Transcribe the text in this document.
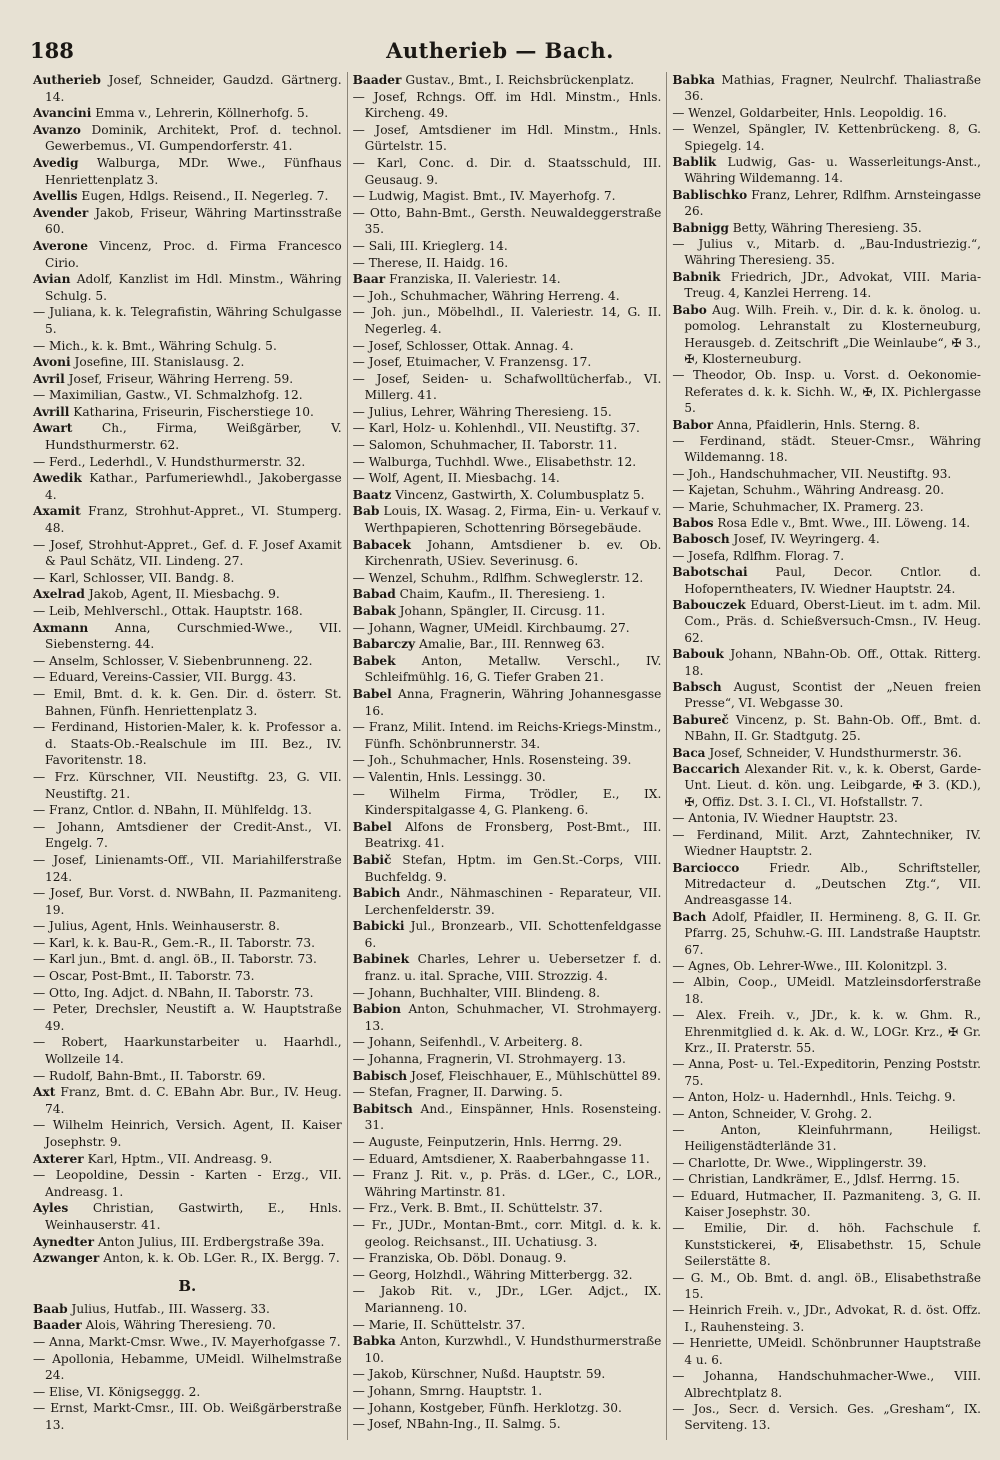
188	Autherieb — Bach.
Autherieb Josef, Schneider, Gaudzd. Gärtnerg. 14.
Avancini Emma v., Lehrerin, Köllnerhofg. 5.
Avanzo Dominik, Architekt, Prof. d. technol. Gewerbemus., VI. Gumpendorferstr. 41.
Avedig Walburga, MDr. Wwe., Fünfhaus Henriettenplatz 3.
Avellis Eugen, Hdlgs. Reisend., II. Negerleg. 7.
Avender Jakob, Friseur, Währing Martinsstraße 60.
Averone Vincenz, Proc. d. Firma Francesco Cirio.
Avian Adolf, Kanzlist im Hdl. Minstm., Währing Schulg. 5.
— Juliana, k. k. Telegrafistin, Währing Schulgasse 5.
— Mich., k. k. Bmt., Währing Schulg. 5.
Avoni Josefine, III. Stanislausg. 2.
Avril Josef, Friseur, Währing Herreng. 59.
— Maximilian, Gastw., VI. Schmalzhofg. 12.
Avrill Katharina, Friseurin, Fischerstiege 10.
Awart Ch., Firma, Weißgärber, V. Hundsthurmerstr. 62.
— Ferd., Lederhdl., V. Hundsthurmerstr. 32.
Awedik Kathar., Parfumeriewhdl., Jakobergasse 4.
Axamit Franz, Strohhut-Appret., VI. Stumperg. 48.
— Josef, Strohhut-Appret., Gef. d. F. Josef Axamit & Paul Schätz, VII. Lindeng. 27.
— Karl, Schlosser, VII. Bandg. 8.
Axelrad Jakob, Agent, II. Miesbachg. 9.
— Leib, Mehlverschl., Ottak. Hauptstr. 168.
Axmann Anna, Curschmied-Wwe., VII. Siebensterng. 44.
— Anselm, Schlosser, V. Siebenbrunneng. 22.
— Eduard, Vereins-Cassier, VII. Burgg. 43.
— Emil, Bmt. d. k. k. Gen. Dir. d. österr. St. Bahnen, Fünfh. Henriettenplatz 3.
— Ferdinand, Historien-Maler, k. k. Professor a. d. Staats-Ob.-Realschule im III. Bez., IV. Favoritenstr. 18.
— Frz. Kürschner, VII. Neustiftg. 23, G. VII. Neustiftg. 21.
— Franz, Cntlor. d. NBahn, II. Mühlfeldg. 13.
— Johann, Amtsdiener der Credit-Anst., VI. Engelg. 7.
— Josef, Linienamts-Off., VII. Mariahilferstraße 124.
— Josef, Bur. Vorst. d. NWBahn, II. Pazmaniteng. 19.
— Julius, Agent, Hnls. Weinhauserstr. 8.
— Karl, k. k. Bau-R., Gem.-R., II. Taborstr. 73.
— Karl jun., Bmt. d. angl. öB., II. Taborstr. 73.
— Oscar, Post-Bmt., II. Taborstr. 73.
— Otto, Ing. Adjct. d. NBahn, II. Taborstr. 73.
— Peter, Drechsler, Neustift a. W. Hauptstraße 49.
— Robert, Haarkunstarbeiter u. Haarhdl., Wollzeile 14.
— Rudolf, Bahn-Bmt., II. Taborstr. 69.
Axt Franz, Bmt. d. C. EBahn Abr. Bur., IV. Heug. 74.
— Wilhelm Heinrich, Versich. Agent, II. Kaiser Josephstr. 9.
Axterer Karl, Hptm., VII. Andreasg. 9.
— Leopoldine, Dessin - Karten - Erzg., VII. Andreasg. 1.
Ayles Christian, Gastwirth, E., Hnls. Weinhauserstr. 41.
Aynedter Anton Julius, III. Erdbergstraße 39a.
Azwanger Anton, k. k. Ob. LGer. R., IX. Bergg. 7.
B.
Baab Julius, Hutfab., III. Wasserg. 33.
Baader Alois, Währing Theresieng. 70.
— Anna, Markt-Cmsr. Wwe., IV. Mayerhofgasse 7.
— Apollonia, Hebamme, UMeidl. Wilhelmstraße 24.
— Elise, VI. Königseggg. 2.
— Ernst, Markt-Cmsr., III. Ob. Weißgärberstraße 13.
Baader Gustav., Bmt., I. Reichsbrückenplatz.
— Josef, Rchngs. Off. im Hdl. Minstm., Hnls. Kircheng. 49.
— Josef, Amtsdiener im Hdl. Minstm., Hnls. Gürtelstr. 15.
— Karl, Conc. d. Dir. d. Staatsschuld, III. Geusaug. 9.
— Ludwig, Magist. Bmt., IV. Mayerhofg. 7.
— Otto, Bahn-Bmt., Gersth. Neuwaldeggerstraße 35.
— Sali, III. Krieglerg. 14.
— Therese, II. Haidg. 16.
Baar Franziska, II. Valeriestr. 14.
— Joh., Schuhmacher, Währing Herreng. 4.
— Joh. jun., Möbelhdl., II. Valeriestr. 14, G. II. Negerleg. 4.
— Josef, Schlosser, Ottak. Annag. 4.
— Josef, Etuimacher, V. Franzensg. 17.
— Josef, Seiden- u. Schafwolltücherfab., VI. Millerg. 41.
— Julius, Lehrer, Währing Theresieng. 15.
— Karl, Holz- u. Kohlenhdl., VII. Neustiftg. 37.
— Salomon, Schuhmacher, II. Taborstr. 11.
— Walburga, Tuchhdl. Wwe., Elisabethstr. 12.
— Wolf, Agent, II. Miesbachg. 14.
Baatz Vincenz, Gastwirth, X. Columbusplatz 5.
Bab Louis, IX. Wasag. 2, Firma, Ein- u. Verkauf v. Werthpapieren, Schottenring Börsegebäude.
Babacek Johann, Amtsdiener b. ev. Ob. Kirchenrath, USiev. Severinusg. 6.
— Wenzel, Schuhm., Rdlfhm. Schweglerstr. 12.
Babad Chaim, Kaufm., II. Theresieng. 1.
Babak Johann, Spängler, II. Circusg. 11.
— Johann, Wagner, UMeidl. Kirchbaumg. 27.
Babarczy Amalie, Bar., III. Rennweg 63.
Babek Anton, Metallw. Verschl., IV. Schleifmühlg. 16, G. Tiefer Graben 21.
Babel Anna, Fragnerin, Währing Johannesgasse 16.
— Franz, Milit. Intend. im Reichs-Kriegs-Minstm., Fünfh. Schönbrunnerstr. 34.
— Joh., Schuhmacher, Hnls. Rosensteing. 39.
— Valentin, Hnls. Lessingg. 30.
— Wilhelm Firma, Trödler, E., IX. Kinderspitalgasse 4, G. Plankeng. 6.
Babel Alfons de Fronsberg, Post-Bmt., III. Beatrixg. 41.
Babič Stefan, Hptm. im Gen.St.-Corps, VIII. Buchfeldg. 9.
Babich Andr., Nähmaschinen - Reparateur, VII. Lerchenfelderstr. 39.
Babicki Jul., Bronzearb., VII. Schottenfeldgasse 6.
Babinek Charles, Lehrer u. Uebersetzer f. d. franz. u. ital. Sprache, VIII. Strozzig. 4.
— Johann, Buchhalter, VIII. Blindeng. 8.
Babion Anton, Schuhmacher, VI. Strohmayerg. 13.
— Johann, Seifenhdl., V. Arbeiterg. 8.
— Johanna, Fragnerin, VI. Strohmayerg. 13.
Babisch Josef, Fleischhauer, E., Mühlschüttel 89.
— Stefan, Fragner, II. Darwing. 5.
Babitsch And., Einspänner, Hnls. Rosensteing. 31.
— Auguste, Feinputzerin, Hnls. Herrng. 29.
— Eduard, Amtsdiener, X. Raaberbahngasse 11.
— Franz J. Rit. v., p. Präs. d. LGer., C., LOR., Währing Martinstr. 81.
— Frz., Verk. B. Bmt., II. Schüttelstr. 37.
— Fr., JUDr., Montan-Bmt., corr. Mitgl. d. k. k. geolog. Reichsanst., III. Uchatiusg. 3.
— Franziska, Ob. Döbl. Donaug. 9.
— Georg, Holzhdl., Währing Mitterbergg. 32.
— Jakob Rit. v., JDr., LGer. Adjct., IX. Marianneng. 10.
— Marie, II. Schüttelstr. 37.
Babka Anton, Kurzwhdl., V. Hundsthurmerstraße 10.
— Jakob, Kürschner, Nußd. Hauptstr. 59.
— Johann, Smrng. Hauptstr. 1.
— Johann, Kostgeber, Fünfh. Herklotzg. 30.
— Josef, NBahn-Ing., II. Salmg. 5.
Babka Mathias, Fragner, Neulrchf. Thaliastraße 36.
— Wenzel, Goldarbeiter, Hnls. Leopoldig. 16.
— Wenzel, Spängler, IV. Kettenbrückeng. 8, G. Spiegelg. 14.
Bablik Ludwig, Gas- u. Wasserleitungs-Anst., Währing Wildemanng. 14.
Bablischko Franz, Lehrer, Rdlfhm. Arnsteingasse 26.
Babnigg Betty, Währing Theresieng. 35.
— Julius v., Mitarb. d. „Bau-Industriezig.“, Währing Theresieng. 35.
Babnik Friedrich, JDr., Advokat, VIII. Maria-Treug. 4, Kanzlei Herreng. 14.
Babo Aug. Wilh. Freih. v., Dir. d. k. k. önolog. u. pomolog. Lehranstalt zu Klosterneuburg, Herausgeb. d. Zeitschrift „Die Weinlaube“, ✠ 3., ✠, Klosterneuburg.
— Theodor, Ob. Insp. u. Vorst. d. Oekonomie-Referates d. k. k. Sichh. W., ✠, IX. Pichlergasse 5.
Babor Anna, Pfaidlerin, Hnls. Sterng. 8.
— Ferdinand, städt. Steuer-Cmsr., Währing Wildemanng. 18.
— Joh., Handschuhmacher, VII. Neustiftg. 93.
— Kajetan, Schuhm., Währing Andreasg. 20.
— Marie, Schuhmacher, IX. Pramerg. 23.
Babos Rosa Edle v., Bmt. Wwe., III. Löweng. 14.
Babosch Josef, IV. Weyringerg. 4.
— Josefa, Rdlfhm. Florag. 7.
Babotschai Paul, Decor. Cntlor. d. Hofoperntheaters, IV. Wiedner Hauptstr. 24.
Babouczek Eduard, Oberst-Lieut. im t. adm. Mil. Com., Präs. d. Schießversuch-Cmsn., IV. Heug. 62.
Babouk Johann, NBahn-Ob. Off., Ottak. Ritterg. 18.
Babsch August, Scontist der „Neuen freien Presse“, VI. Webgasse 30.
Babureč Vincenz, p. St. Bahn-Ob. Off., Bmt. d. NBahn, II. Gr. Stadtgutg. 25.
Baca Josef, Schneider, V. Hundsthurmerstr. 36.
Baccarich Alexander Rit. v., k. k. Oberst, Garde-Unt. Lieut. d. kön. ung. Leibgarde, ✠ 3. (KD.), ✠, Offiz. Dst. 3. I. Cl., VI. Hofstallstr. 7.
— Antonia, IV. Wiedner Hauptstr. 23.
— Ferdinand, Milit. Arzt, Zahntechniker, IV. Wiedner Hauptstr. 2.
Barciocco Friedr. Alb., Schriftsteller, Mitredacteur d. „Deutschen Ztg.“, VII. Andreasgasse 14.
Bach Adolf, Pfaidler, II. Hermineng. 8, G. II. Gr. Pfarrg. 25, Schuhw.-G. III. Landstraße Hauptstr. 67.
— Agnes, Ob. Lehrer-Wwe., III. Kolonitzpl. 3.
— Albin, Coop., UMeidl. Matzleinsdorferstraße 18.
— Alex. Freih. v., JDr., k. k. w. Ghm. R., Ehrenmitglied d. k. Ak. d. W., LOGr. Krz., ✠ Gr. Krz., II. Praterstr. 55.
— Anna, Post- u. Tel.-Expeditorin, Penzing Poststr. 75.
— Anton, Holz- u. Hadernhdl., Hnls. Teichg. 9.
— Anton, Schneider, V. Grohg. 2.
— Anton, Kleinfuhrmann, Heiligst. Heiligenstädterlände 31.
— Charlotte, Dr. Wwe., Wipplingerstr. 39.
— Christian, Landkrämer, E., Jdlsf. Herrng. 15.
— Eduard, Hutmacher, II. Pazmaniteng. 3, G. II. Kaiser Josephstr. 30.
— Emilie, Dir. d. höh. Fachschule f. Kunststickerei, ✠, Elisabethstr. 15, Schule Seilerstätte 8.
— G. M., Ob. Bmt. d. angl. öB., Elisabethstraße 15.
— Heinrich Freih. v., JDr., Advokat, R. d. öst. Offz. I., Rauhensteing. 3.
— Henriette, UMeidl. Schönbrunner Hauptstraße 4 u. 6.
— Johanna, Handschuhmacher-Wwe., VIII. Albrechtplatz 8.
— Jos., Secr. d. Versich. Ges. „Gresham“, IX. Serviteng. 13.
